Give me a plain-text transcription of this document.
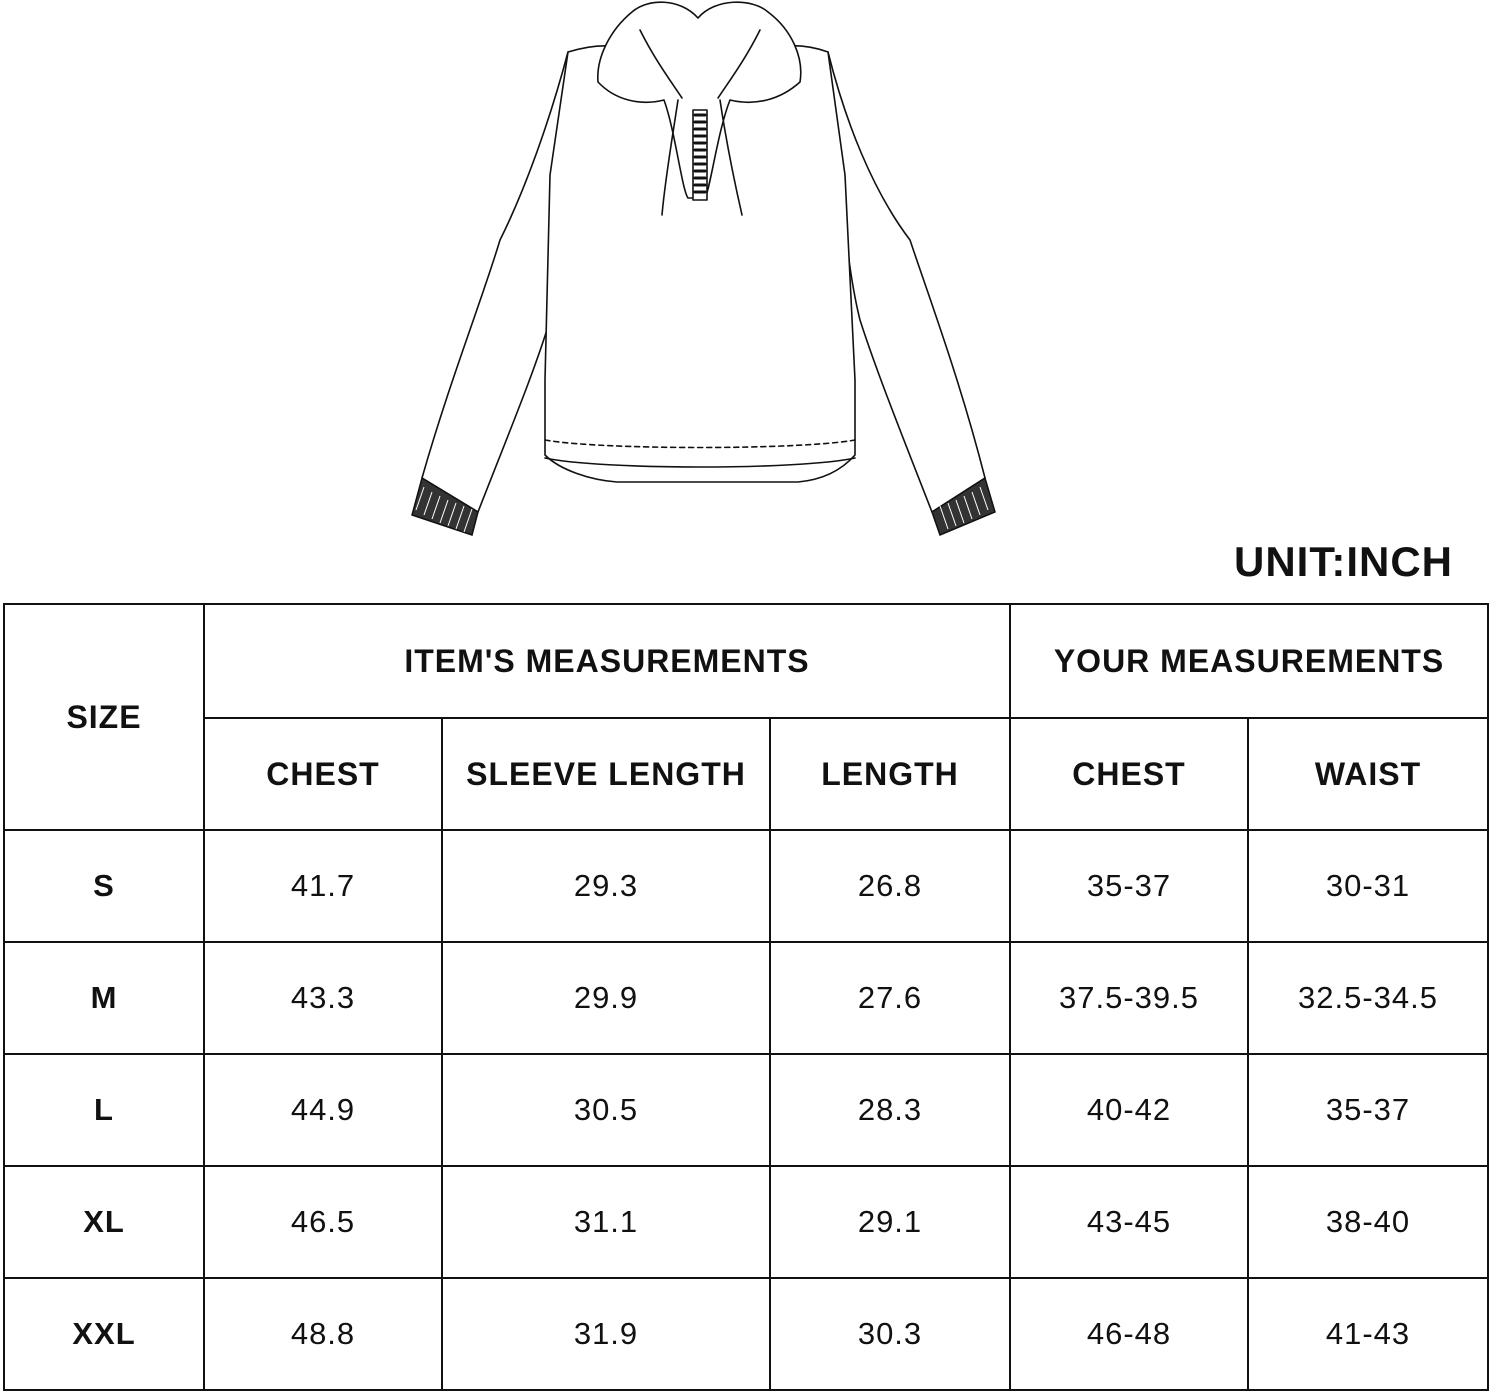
UNIT:INCH

SIZE	ITEM'S MEASUREMENTS			YOUR MEASUREMENTS	
	CHEST	SLEEVE LENGTH	LENGTH	CHEST	WAIST
S	41.7	29.3	26.8	35-37	30-31
M	43.3	29.9	27.6	37.5-39.5	32.5-34.5
L	44.9	30.5	28.3	40-42	35-37
XL	46.5	31.1	29.1	43-45	38-40
XXL	48.8	31.9	30.3	46-48	41-43
